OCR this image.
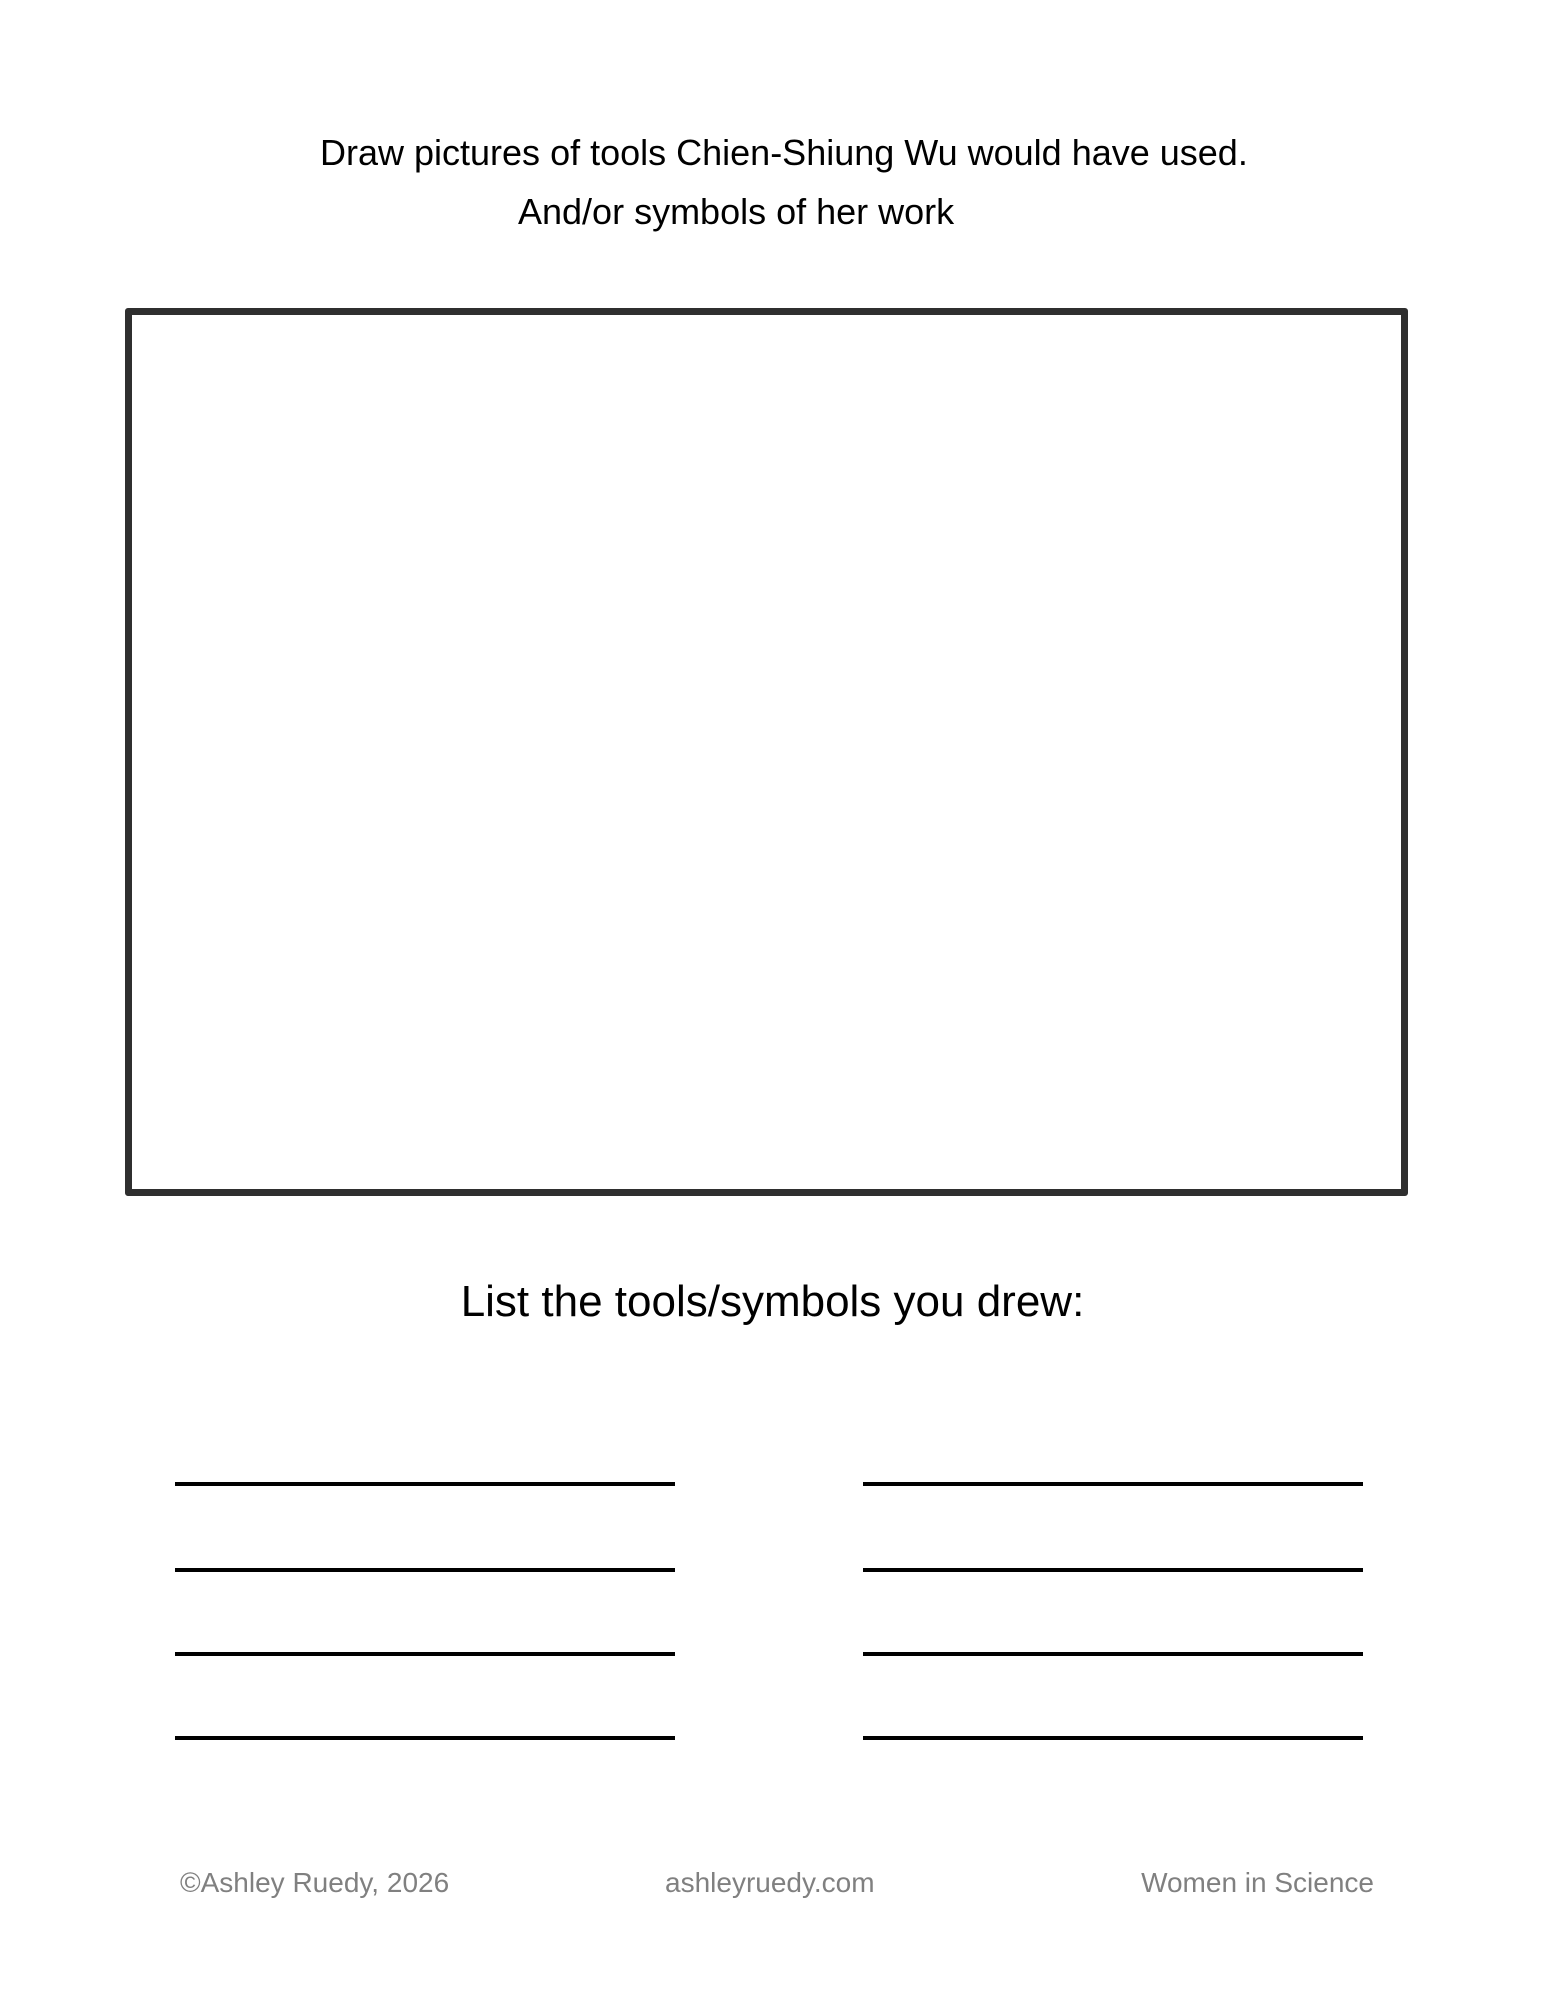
Draw pictures of tools Chien-Shiung Wu would have used.
And/or symbols of her work
List the tools/symbols you drew:
©Ashley Ruedy, 2026	ashleyruedy.com	Women in Science
